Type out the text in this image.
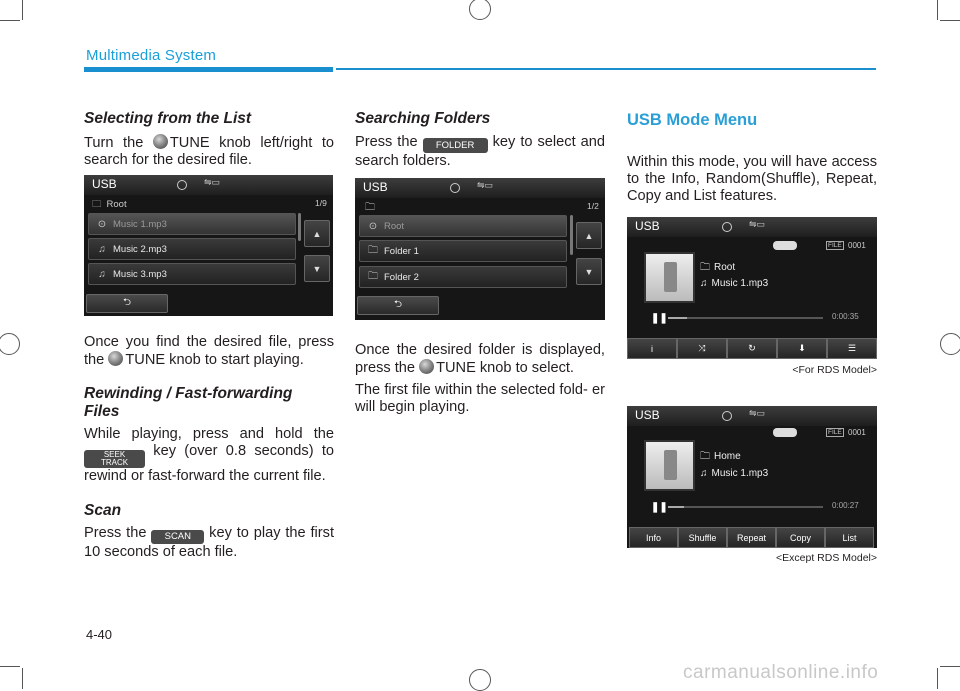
Multimedia System
Selecting from the List

Turn the TUNE knob left/right to search for the desired file.

USB	⇋▭
🗀 Root	1/9
⊙ Music 1.mp3
♫ Music 2.mp3
♫ Music 3.mp3
▲
▼
⮌

Once you find the desired file, press the TUNE knob to start playing.

Rewinding / Fast-forwarding Files

While playing, press and hold the
SEEK
TRACK
key (over 0.8 seconds) to rewind or fast-forward the current file.

Scan

Press the SCAN key to play the first 10 seconds of each file.

Searching Folders

Press the FOLDER key to select and search folders.

USB	⇋▭
🗀	1/2
⊙ Root
🗀 Folder 1
🗀 Folder 2
▲
▼
⮌

Once the desired folder is displayed, press the TUNE knob to select.

The first file within the selected fold- er will begin playing.

USB Mode Menu

Within this mode, you will have access to the Info, Random(Shuffle), Repeat, Copy and List features.

USB	⇋▭
FILE 0001
🗀 Root
♫ Music 1.mp3
❚❚	0:00:35
i	⤨	↻	⬇	☰
<For RDS Model>
USB	⇋▭
FILE 0001
🗀 Home
♫ Music 1.mp3
❚❚	0:00:27
Info	Shuffle	Repeat	Copy	List
<Except RDS Model>
4-40
carmanualsonline.info
